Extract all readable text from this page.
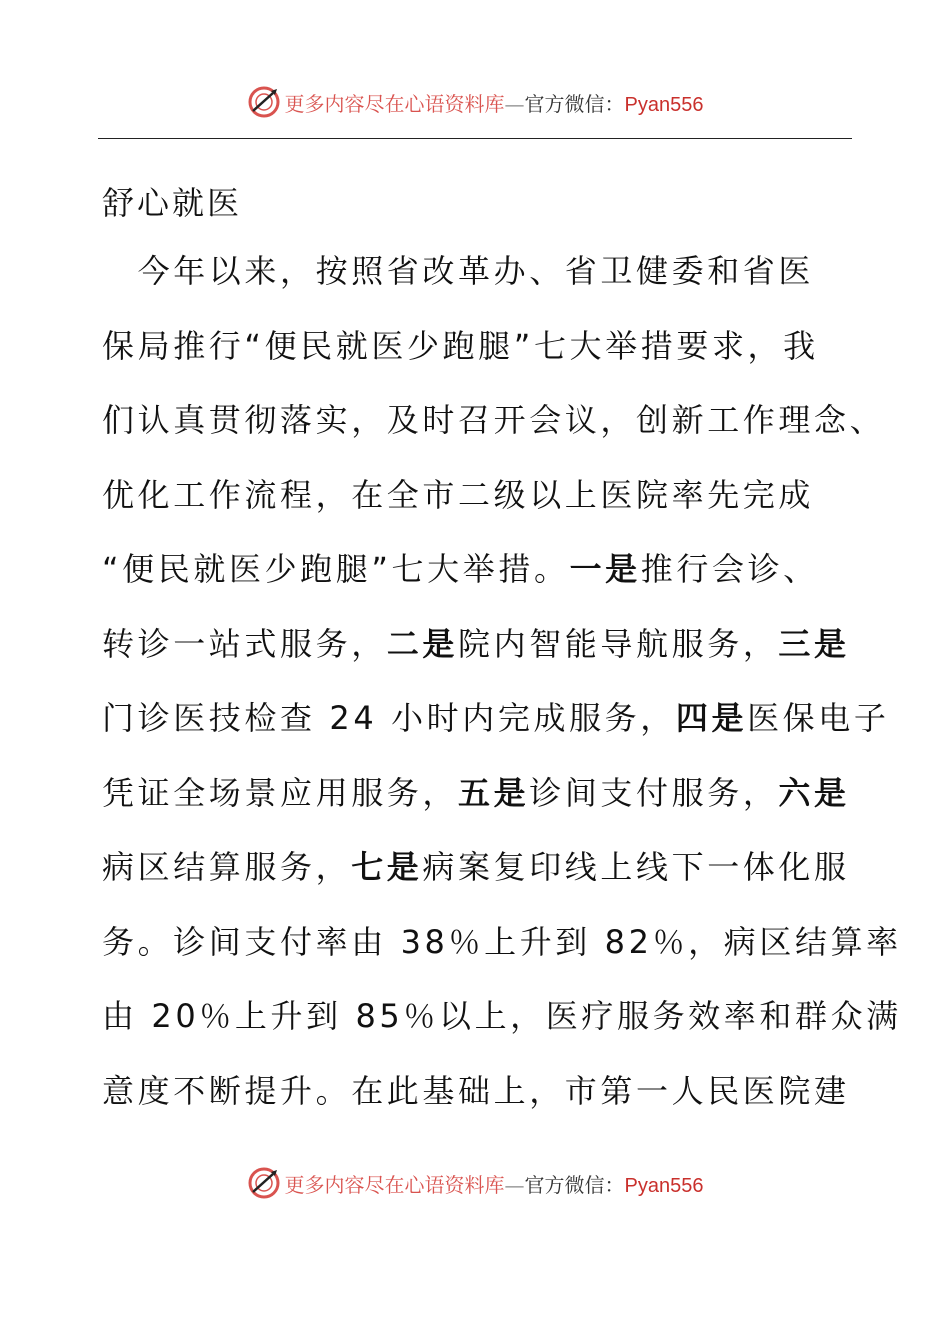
更多内容尽在心语资料库—官方微信：Pyan556
舒心就医
　今年以来，按照省改革办、省卫健委和省医
保局推行“便民就医少跑腿”七大举措要求，我
们认真贯彻落实，及时召开会议，创新工作理念、
优化工作流程，在全市二级以上医院率先完成
“便民就医少跑腿”七大举措。一是推行会诊、
转诊一站式服务，二是院内智能导航服务，三是
门诊医技检查 24 小时内完成服务，四是医保电子
凭证全场景应用服务，五是诊间支付服务，六是
病区结算服务，七是病案复印线上线下一体化服
务。诊间支付率由 38％上升到 82％，病区结算率
由 20％上升到 85％以上，医疗服务效率和群众满
意度不断提升。在此基础上，市第一人民医院建
更多内容尽在心语资料库—官方微信：Pyan556
